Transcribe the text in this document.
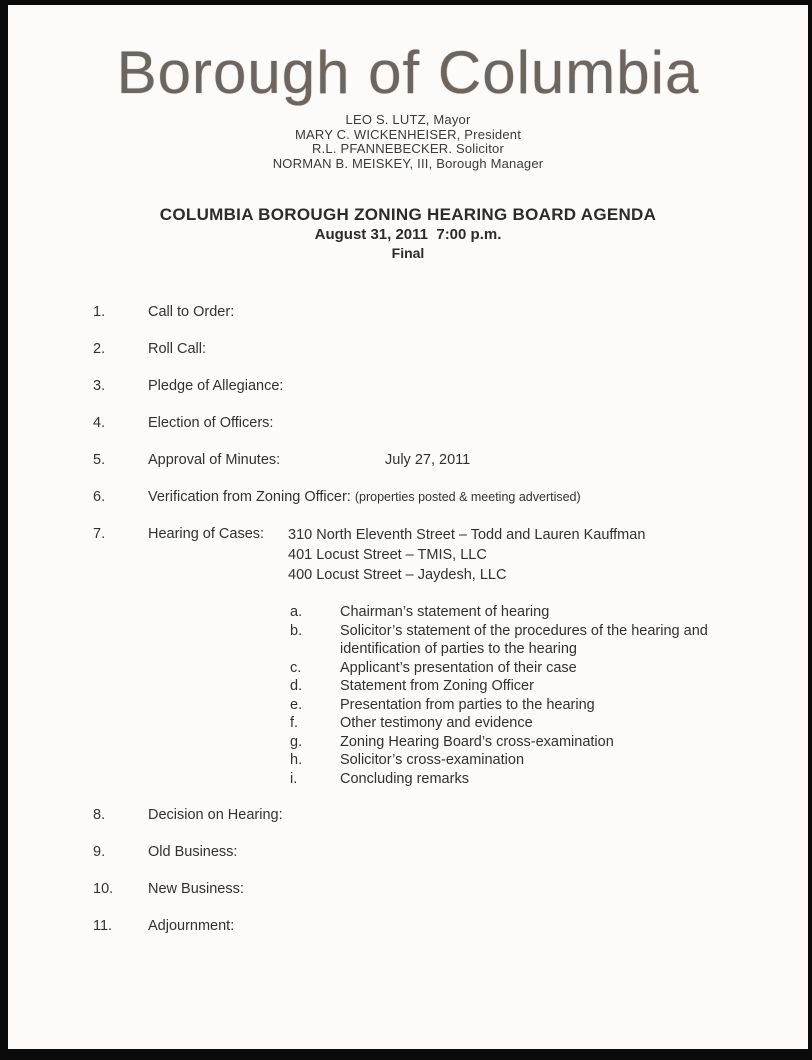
Borough of Columbia
LEO S. LUTZ, Mayor
MARY C. WICKENHEISER, President
R.L. PFANNEBECKER. Solicitor
NORMAN B. MEISKEY, III, Borough Manager
COLUMBIA BOROUGH ZONING HEARING BOARD AGENDA
August 31, 2011  7:00 p.m.
Final
1.	Call to Order:
2.	Roll Call:
3.	Pledge of Allegiance:
4.	Election of Officers:
5.	Approval of Minutes:	July 27, 2011
6.	Verification from Zoning Officer: (properties posted & meeting advertised)
7.	Hearing of Cases:	310 North Eleventh Street – Todd and Lauren Kauffman
401 Locust Street – TMIS, LLC
400 Locust Street – Jaydesh, LLC
a.	Chairman’s statement of hearing
b.	Solicitor’s statement of the procedures of the hearing and identification of parties to the hearing
c.	Applicant’s presentation of their case
d.	Statement from Zoning Officer
e.	Presentation from parties to the hearing
f.	Other testimony and evidence
g.	Zoning Hearing Board’s cross-examination
h.	Solicitor’s cross-examination
i.	Concluding remarks
8.	Decision on Hearing:
9.	Old Business:
10.	New Business:
11.	Adjournment:
